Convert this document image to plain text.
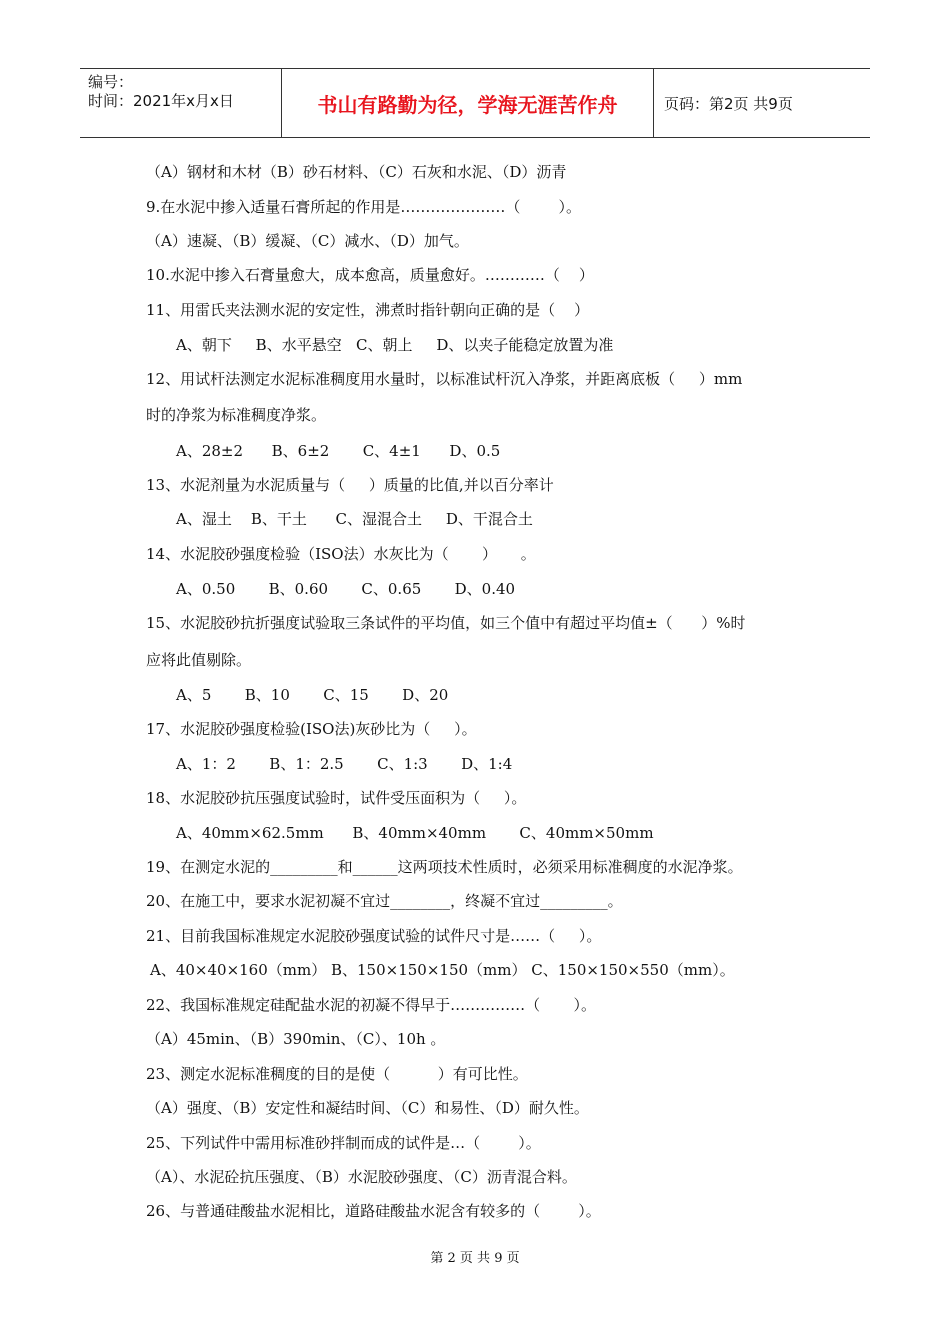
编号：
时间：2021年x月x日	书山有路勤为径，学海无涯苦作舟	页码：第2页 共9页
（A）钢材和木材（B）砂石材料、（C）石灰和水泥、（D）沥青
9.在水泥中掺入适量石膏所起的作用是…………………（        ）。
（A）速凝、（B）缓凝、（C）减水、（D）加气。
10.水泥中掺入石膏量愈大，成本愈高，质量愈好。…………（    ）
11、用雷氏夹法测水泥的安定性，沸煮时指针朝向正确的是（    ）
A、朝下     B、水平悬空   C、朝上     D、以夹子能稳定放置为准
12、用试杆法测定水泥标准稠度用水量时，以标准试杆沉入净浆，并距离底板（     ）mm
时的净浆为标准稠度净浆。
A、28±2      B、6±2       C、4±1      D、0.5
13、水泥剂量为水泥质量与（     ）质量的比值,并以百分率计
A、湿土    B、干土      C、湿混合土     D、干混合土
14、水泥胶砂强度检验（ISO法）水灰比为（       ）     。
A、0.50       B、0.60       C、0.65       D、0.40
15、水泥胶砂抗折强度试验取三条试件的平均值，如三个值中有超过平均值±（      ）%时
应将此值剔除。
A、5       B、10       C、15       D、20
17、水泥胶砂强度检验(ISO法)灰砂比为（     ）。
A、1：2       B、1：2.5       C、1:3       D、1:4
18、水泥胶砂抗压强度试验时，试件受压面积为（     ）。
A、40mm×62.5mm      B、40mm×40mm       C、40mm×50mm
19、在测定水泥的_________和______这两项技术性质时，必须采用标准稠度的水泥净浆。
20、在施工中，要求水泥初凝不宜过________，终凝不宜过_________。
21、目前我国标准规定水泥胶砂强度试验的试件尺寸是……（     ）。
A、40×40×160（mm） B、150×150×150（mm） C、150×150×550（mm）。
22、我国标准规定硅配盐水泥的初凝不得早于……………（       ）。
（A）45min、（B）390min、（C）、10h 。
23、测定水泥标准稠度的目的是使（          ）有可比性。
（A）强度、（B）安定性和凝结时间、（C）和易性、（D）耐久性。
25、下列试件中需用标准砂拌制而成的试件是…（        ）。
（A）、水泥砼抗压强度、（B）水泥胶砂强度、（C）沥青混合料。
26、与普通硅酸盐水泥相比，道路硅酸盐水泥含有较多的（        ）。
第 2 页 共 9 页
